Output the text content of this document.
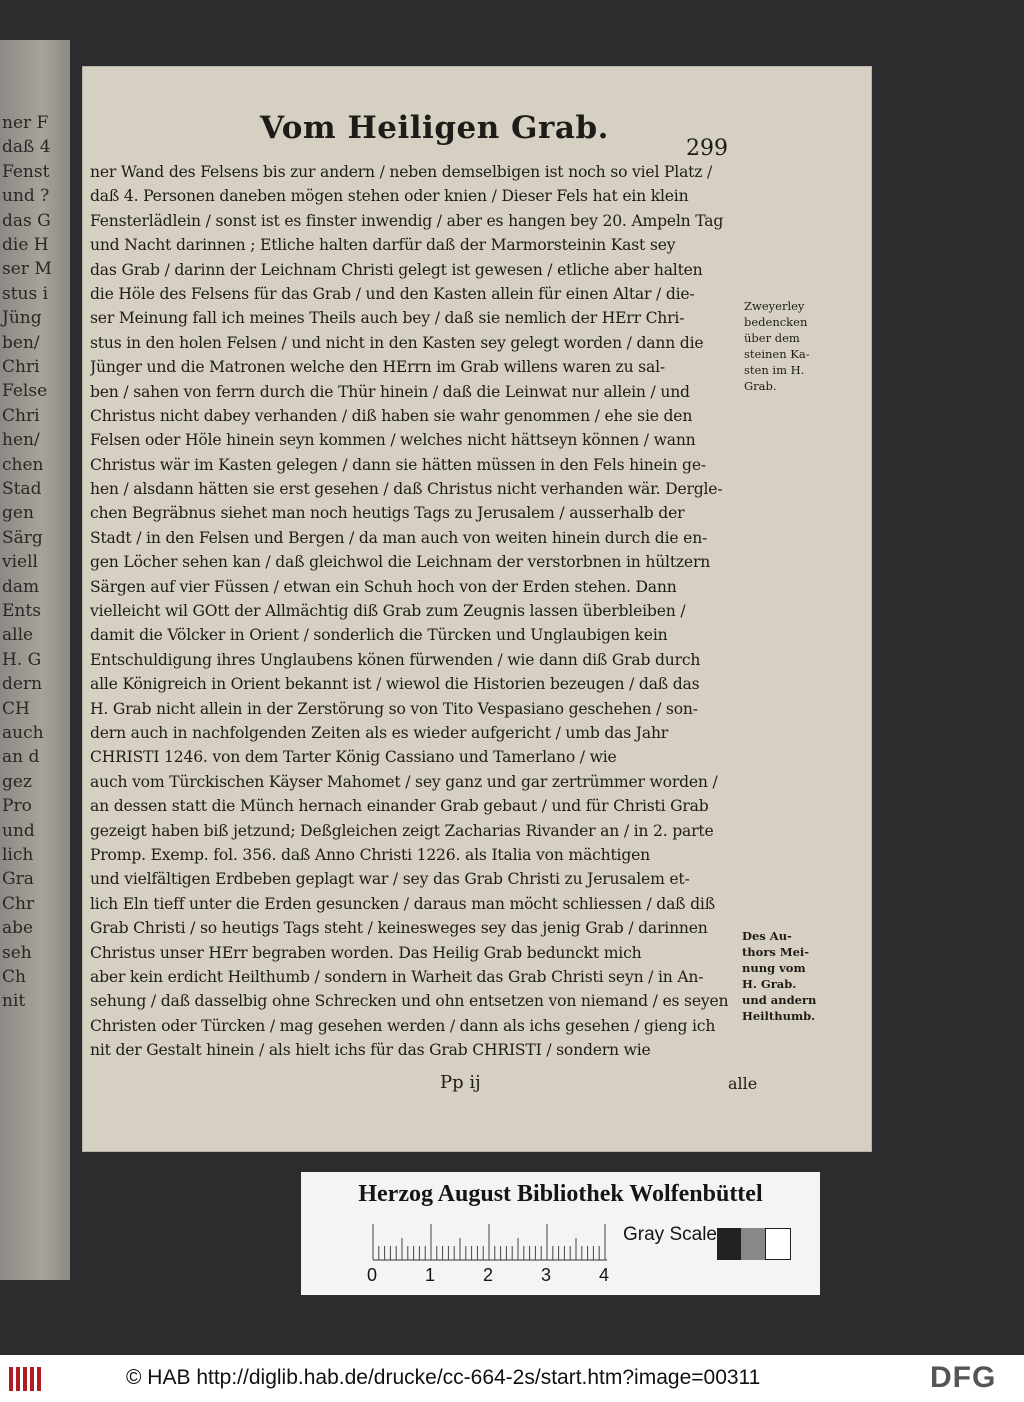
ner F
daß 4
Fenst
und ?
das G
die H
ser M
stus i
Jüng
ben/
Chri
Felse
Chri
hen/
chen
Stad
gen
Särg
viell
dam
Ents
alle
H. G
dern
CH
auch
an d
gez
Pro
und
lich
Gra
Chr
abe
seh
Ch
nit
Vom Heiligen Grab.
299
ner Wand des Felsens bis zur andern / neben demselbigen ist noch so viel Platz /
daß 4. Personen daneben mögen stehen oder knien / Dieser Fels hat ein klein
Fensterlädlein / sonst ist es finster inwendig / aber es hangen bey 20. Ampeln Tag
und Nacht darinnen ; Etliche halten darfür daß der Marmorsteinin Kast sey
das Grab / darinn der Leichnam Christi gelegt ist gewesen / etliche aber halten
die Höle des Felsens für das Grab / und den Kasten allein für einen Altar / die-
ser Meinung fall ich meines Theils auch bey / daß sie nemlich der HErr Chri-
stus in den holen Felsen / und nicht in den Kasten sey gelegt worden / dann die
Jünger und die Matronen welche den HErrn im Grab willens waren zu sal-
ben / sahen von ferrn durch die Thür hinein / daß die Leinwat nur allein / und
Christus nicht dabey verhanden / diß haben sie wahr genommen / ehe sie den
Felsen oder Höle hinein seyn kommen / welches nicht hättseyn können / wann
Christus wär im Kasten gelegen / dann sie hätten müssen in den Fels hinein ge-
hen / alsdann hätten sie erst gesehen / daß Christus nicht verhanden wär. Dergle-
chen Begräbnus siehet man noch heutigs Tags zu Jerusalem / ausserhalb der
Stadt / in den Felsen und Bergen / da man auch von weiten hinein durch die en-
gen Löcher sehen kan / daß gleichwol die Leichnam der verstorbnen in hültzern
Särgen auf vier Füssen / etwan ein Schuh hoch von der Erden stehen. Dann
vielleicht wil GOtt der Allmächtig diß Grab zum Zeugnis lassen überbleiben /
damit die Völcker in Orient / sonderlich die Türcken und Unglaubigen kein
Entschuldigung ihres Unglaubens könen fürwenden / wie dann diß Grab durch
alle Königreich in Orient bekannt ist / wiewol die Historien bezeugen / daß das
H. Grab nicht allein in der Zerstörung so von Tito Vespasiano geschehen / son-
dern auch in nachfolgenden Zeiten als es wieder aufgericht / umb das Jahr
CHRISTI 1246. von dem Tarter König Cassiano und Tamerlano / wie
auch vom Türckischen Käyser Mahomet / sey ganz und gar zertrümmer worden /
an dessen statt die Münch hernach einander Grab gebaut / und für Christi Grab
gezeigt haben biß jetzund; Deßgleichen zeigt Zacharias Rivander an / in 2. parte
Promp. Exemp. fol. 356. daß Anno Christi 1226. als Italia von mächtigen
und vielfältigen Erdbeben geplagt war / sey das Grab Christi zu Jerusalem et-
lich Eln tieff unter die Erden gesuncken / daraus man möcht schliessen / daß diß
Grab Christi / so heutigs Tags steht / keinesweges sey das jenig Grab / darinnen
Christus unser HErr begraben worden. Das Heilig Grab bedunckt mich
aber kein erdicht Heilthumb / sondern in Warheit das Grab Christi seyn / in An-
sehung / daß dasselbig ohne Schrecken und ohn entsetzen von niemand / es seyen
Christen oder Türcken / mag gesehen werden / dann als ichs gesehen / gieng ich
nit der Gestalt hinein / als hielt ichs für das Grab CHRISTI / sondern wie
Zweyerley
bedencken
über dem
steinen Ka-
sten im H.
Grab.
Des Au-
thors Mei-
nung vom
H. Grab.
und andern
Heilthumb.
Pp ij	alle
Herzog August Bibliothek Wolfenbüttel
Gray Scale
0	1	2	3	4
© HAB http://diglib.hab.de/drucke/cc-664-2s/start.htm?image=00311	DFG
